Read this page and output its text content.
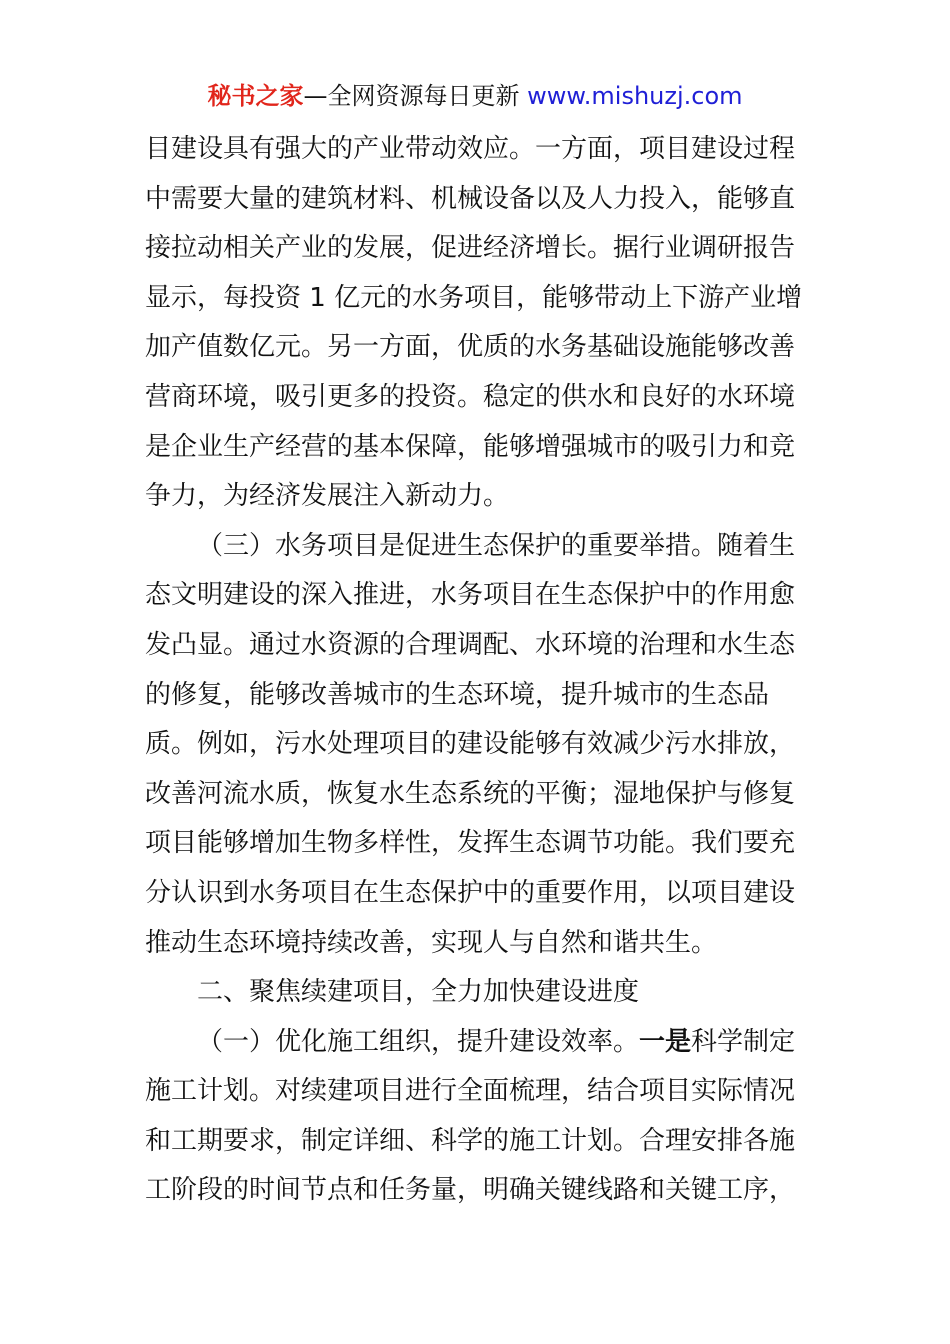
秘书之家—全网资源每日更新 www.mishuzj.com
目建设具有强大的产业带动效应。一方面，项目建设过程
中需要大量的建筑材料、机械设备以及人力投入，能够直
接拉动相关产业的发展，促进经济增长。据行业调研报告
显示，每投资 1 亿元的水务项目，能够带动上下游产业增
加产值数亿元。另一方面，优质的水务基础设施能够改善
营商环境，吸引更多的投资。稳定的供水和良好的水环境
是企业生产经营的基本保障，能够增强城市的吸引力和竞
争力，为经济发展注入新动力。
（三）水务项目是促进生态保护的重要举措。随着生
态文明建设的深入推进，水务项目在生态保护中的作用愈
发凸显。通过水资源的合理调配、水环境的治理和水生态
的修复，能够改善城市的生态环境，提升城市的生态品
质。例如，污水处理项目的建设能够有效减少污水排放，
改善河流水质，恢复水生态系统的平衡；湿地保护与修复
项目能够增加生物多样性，发挥生态调节功能。我们要充
分认识到水务项目在生态保护中的重要作用，以项目建设
推动生态环境持续改善，实现人与自然和谐共生。
二、聚焦续建项目，全力加快建设进度
（一）优化施工组织，提升建设效率。一是科学制定
施工计划。对续建项目进行全面梳理，结合项目实际情况
和工期要求，制定详细、科学的施工计划。合理安排各施
工阶段的时间节点和任务量，明确关键线路和关键工序，
